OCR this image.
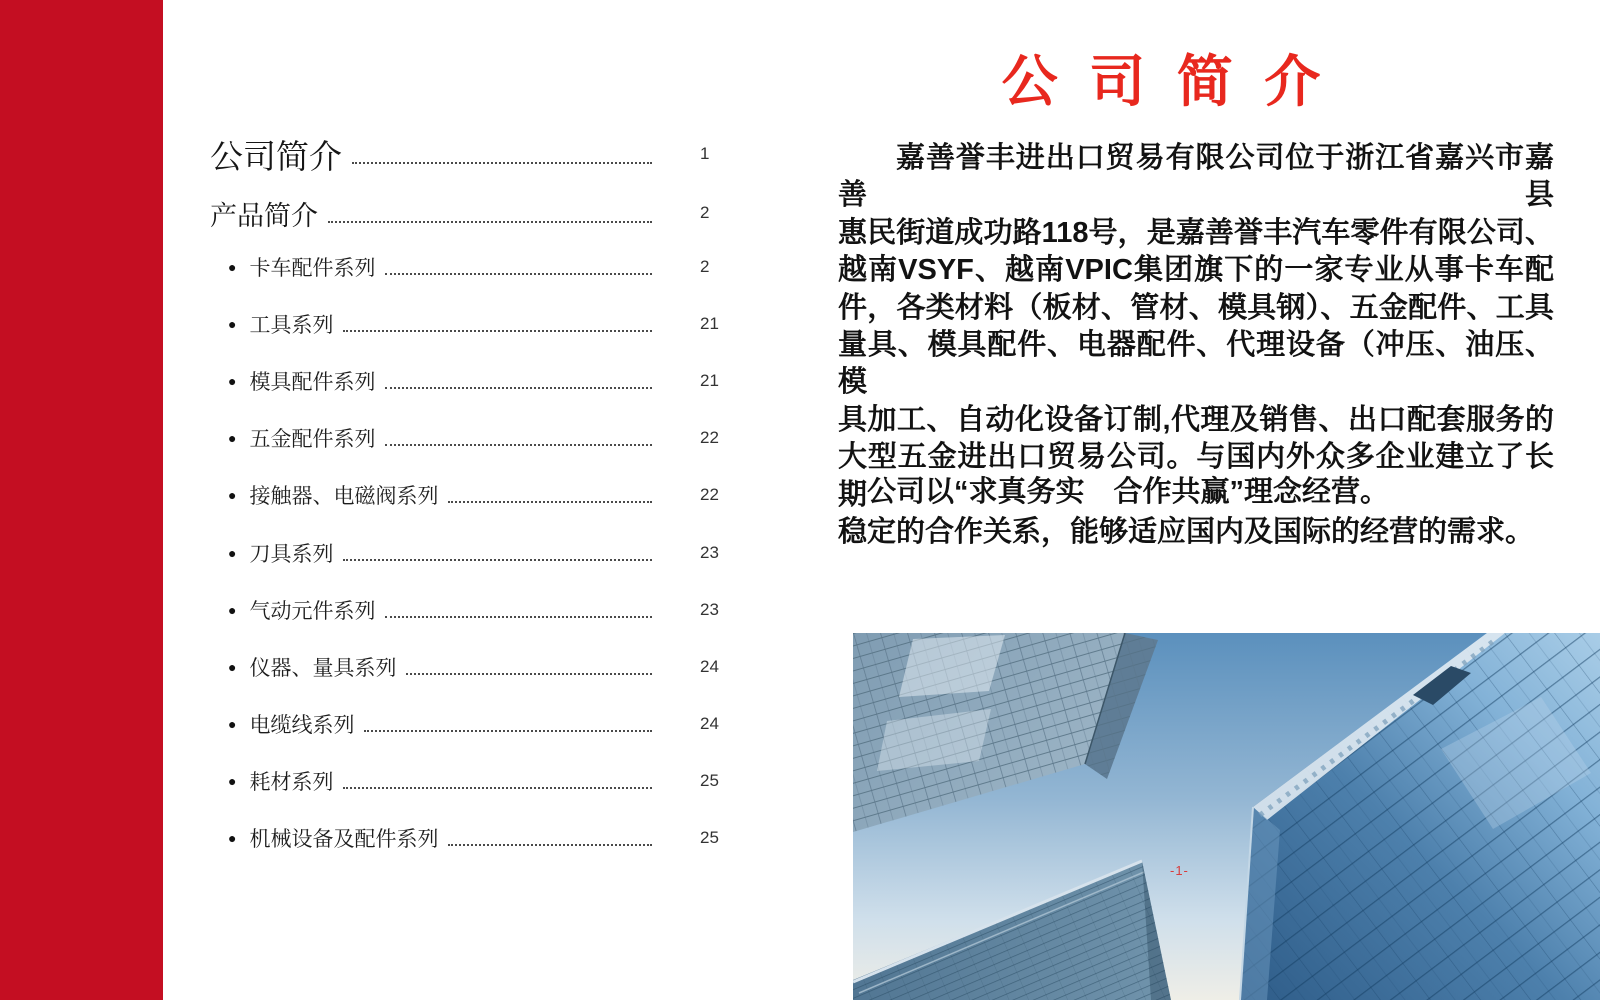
公司简介	1
产品简介	2
● 卡车配件系列	2
● 工具系列	21
● 模具配件系列	21
● 五金配件系列	22
● 接触器、电磁阀系列	22
● 刀具系列	23
● 气动元件系列	23
● 仪器、量具系列	24
● 电缆线系列	24
● 耗材系列	25
● 机械设备及配件系列	25
公 司 简 介
嘉善誉丰进出口贸易有限公司位于浙江省嘉兴市嘉善县
惠民街道成功路118号，是嘉善誉丰汽车零件有限公司、
越南VSYF、越南VPIC集团旗下的一家专业从事卡车配
件，各类材料（板材、管材、模具钢）、五金配件、工具
量具、模具配件、电器配件、代理设备（冲压、油压、模
具加工、自动化设备订制,代理及销售、出口配套服务的
大型五金进出口贸易公司。与国内外众多企业建立了长期
稳定的合作关系，能够适应国内及国际的经营的需求。
公司以“求真务实　合作共赢”理念经营。
-1-
